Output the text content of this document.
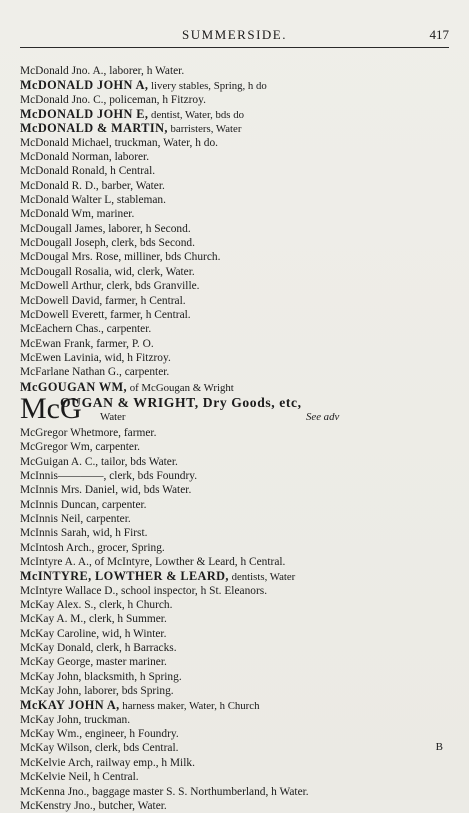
SUMMERSIDE.	417
McDonald Jno. A., laborer, h Water.
McDONALD JOHN A, livery stables, Spring, h do
McDonald Jno. C., policeman, h Fitzroy.
McDONALD JOHN E, dentist, Water, bds do
McDONALD & MARTIN, barristers, Water
McDonald Michael, truckman, Water, h do.
McDonald Norman, laborer.
McDonald Ronald, h Central.
McDonald R. D., barber, Water.
McDonald Walter L, stableman.
McDonald Wm, mariner.
McDougall James, laborer, h Second.
McDougall Joseph, clerk, bds Second.
McDougal Mrs. Rose, milliner, bds Church.
McDougall Rosalia, wid, clerk, Water.
McDowell Arthur, clerk, bds Granville.
McDowell David, farmer, h Central.
McDowell Everett, farmer, h Central.
McEachern Chas., carpenter.
McEwan Frank, farmer, P. O.
McEwen Lavinia, wid, h Fitzroy.
McFarlane Nathan G., carpenter.
McGOUGAN WM, of McGougan & Wright
McG
OUGAN & WRIGHT, Dry Goods, etc,
Water	See adv
McGregor Whetmore, farmer.
McGregor Wm, carpenter.
McGuigan A. C., tailor, bds Water.
McInnis————, clerk, bds Foundry.
McInnis Mrs. Daniel, wid, bds Water.
McInnis Duncan, carpenter.
McInnis Neil, carpenter.
McInnis Sarah, wid, h First.
McIntosh Arch., grocer, Spring.
McIntyre A. A., of McIntyre, Lowther & Leard, h Central.
McINTYRE, LOWTHER & LEARD, dentists, Water
McIntyre Wallace D., school inspector, h St. Eleanors.
McKay Alex. S., clerk, h Church.
McKay A. M., clerk, h Summer.
McKay Caroline, wid, h Winter.
McKay Donald, clerk, h Barracks.
McKay George, master mariner.
McKay John, blacksmith, h Spring.
McKay John, laborer, bds Spring.
McKAY JOHN A, harness maker, Water, h Church
McKay John, truckman.
McKay Wm., engineer, h Foundry.
McKay Wilson, clerk, bds Central.
McKelvie Arch, railway emp., h Milk.
McKelvie Neil, h Central.
McKenna Jno., baggage master S. S. Northumberland, h Water.
McKenstry Jno., butcher, Water.
B
